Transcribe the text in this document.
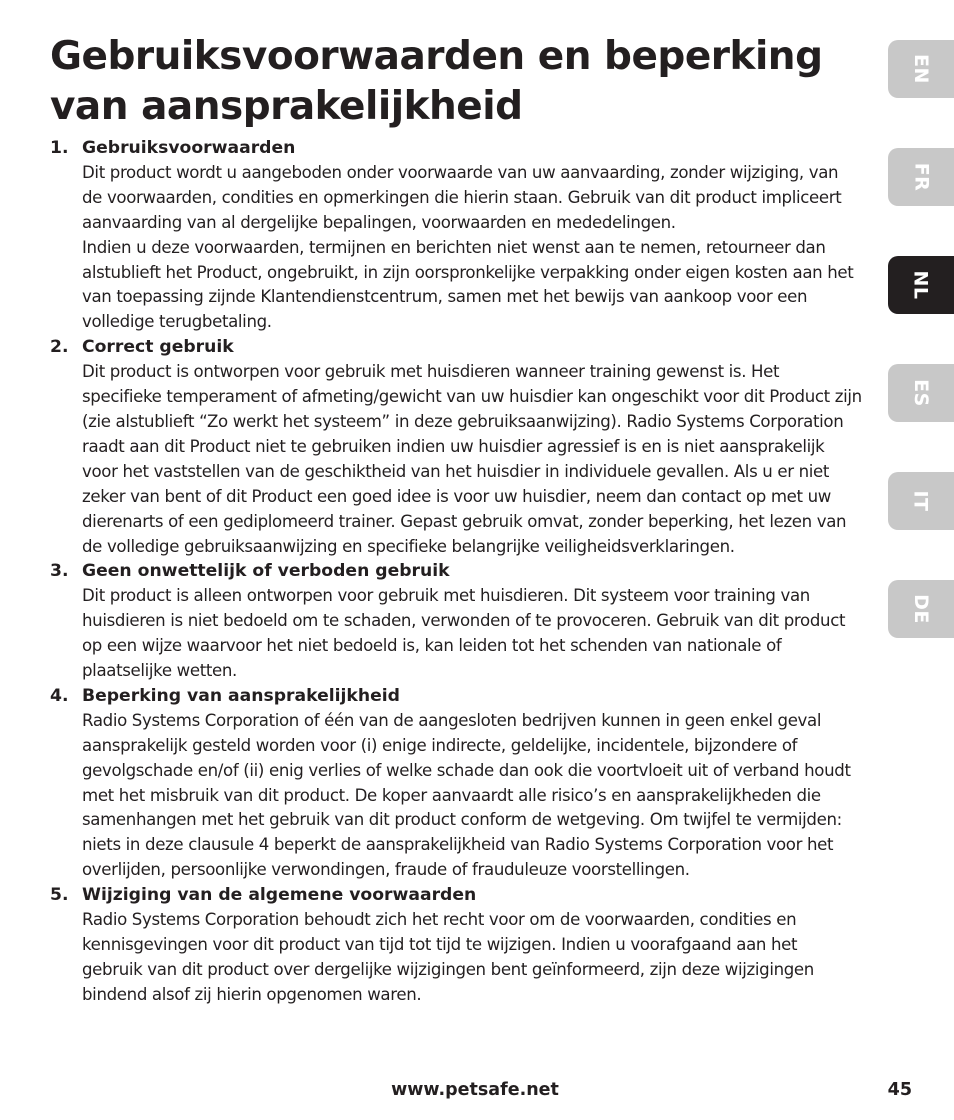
Gebruiksvoorwaarden en beperking van aansprakelijkheid
1. Gebruiksvoorwaarden

Dit product wordt u aangeboden onder voorwaarde van uw aanvaarding, zonder wijziging, van de voorwaarden, condities en opmerkingen die hierin staan. Gebruik van dit product impliceert aanvaarding van al dergelijke bepalingen, voorwaarden en mededelingen.

Indien u deze voorwaarden, termijnen en berichten niet wenst aan te nemen, retourneer dan alstublieft het Product, ongebruikt, in zijn oorspronkelijke verpakking onder eigen kosten aan het van toepassing zijnde Klantendienstcentrum, samen met het bewijs van aankoop voor een volledige terugbetaling.

2. Correct gebruik

Dit product is ontworpen voor gebruik met huisdieren wanneer training gewenst is. Het specifieke temperament of afmeting/gewicht van uw huisdier kan ongeschikt voor dit Product zijn (zie alstublieft “Zo werkt het systeem” in deze gebruiksaanwijzing). Radio Systems Corporation raadt aan dit Product niet te gebruiken indien uw huisdier agressief is en is niet aansprakelijk voor het vaststellen van de geschiktheid van het huisdier in individuele gevallen. Als u er niet zeker van bent of dit Product een goed idee is voor uw huisdier, neem dan contact op met uw dierenarts of een gediplomeerd trainer. Gepast gebruik omvat, zonder beperking, het lezen van de volledige gebruiksaanwijzing en specifieke belangrijke veiligheidsverklaringen.

3. Geen onwettelijk of verboden gebruik

Dit product is alleen ontworpen voor gebruik met huisdieren. Dit systeem voor training van huisdieren is niet bedoeld om te schaden, verwonden of te provoceren. Gebruik van dit product op een wijze waarvoor het niet bedoeld is, kan leiden tot het schenden van nationale of plaatselijke wetten.

4. Beperking van aansprakelijkheid

Radio Systems Corporation of één van de aangesloten bedrijven kunnen in geen enkel geval aansprakelijk gesteld worden voor (i) enige indirecte, geldelijke, incidentele, bijzondere of gevolgschade en/of (ii) enig verlies of welke schade dan ook die voortvloeit uit of verband houdt met het misbruik van dit product. De koper aanvaardt alle risico’s en aansprakelijkheden die samenhangen met het gebruik van dit product conform de wetgeving. Om twijfel te vermijden: niets in deze clausule 4 beperkt de aansprakelijkheid van Radio Systems Corporation voor het overlijden, persoonlijke verwondingen, fraude of frauduleuze voorstellingen.

5. Wijziging van de algemene voorwaarden

Radio Systems Corporation behoudt zich het recht voor om de voorwaarden, condities en kennisgevingen voor dit product van tijd tot tijd te wijzigen. Indien u voorafgaand aan het gebruik van dit product over dergelijke wijzigingen bent geïnformeerd, zijn deze wijzigingen bindend alsof zij hierin opgenomen waren.

EN
FR
NL
ES
IT
DE
www.petsafe.net	45
